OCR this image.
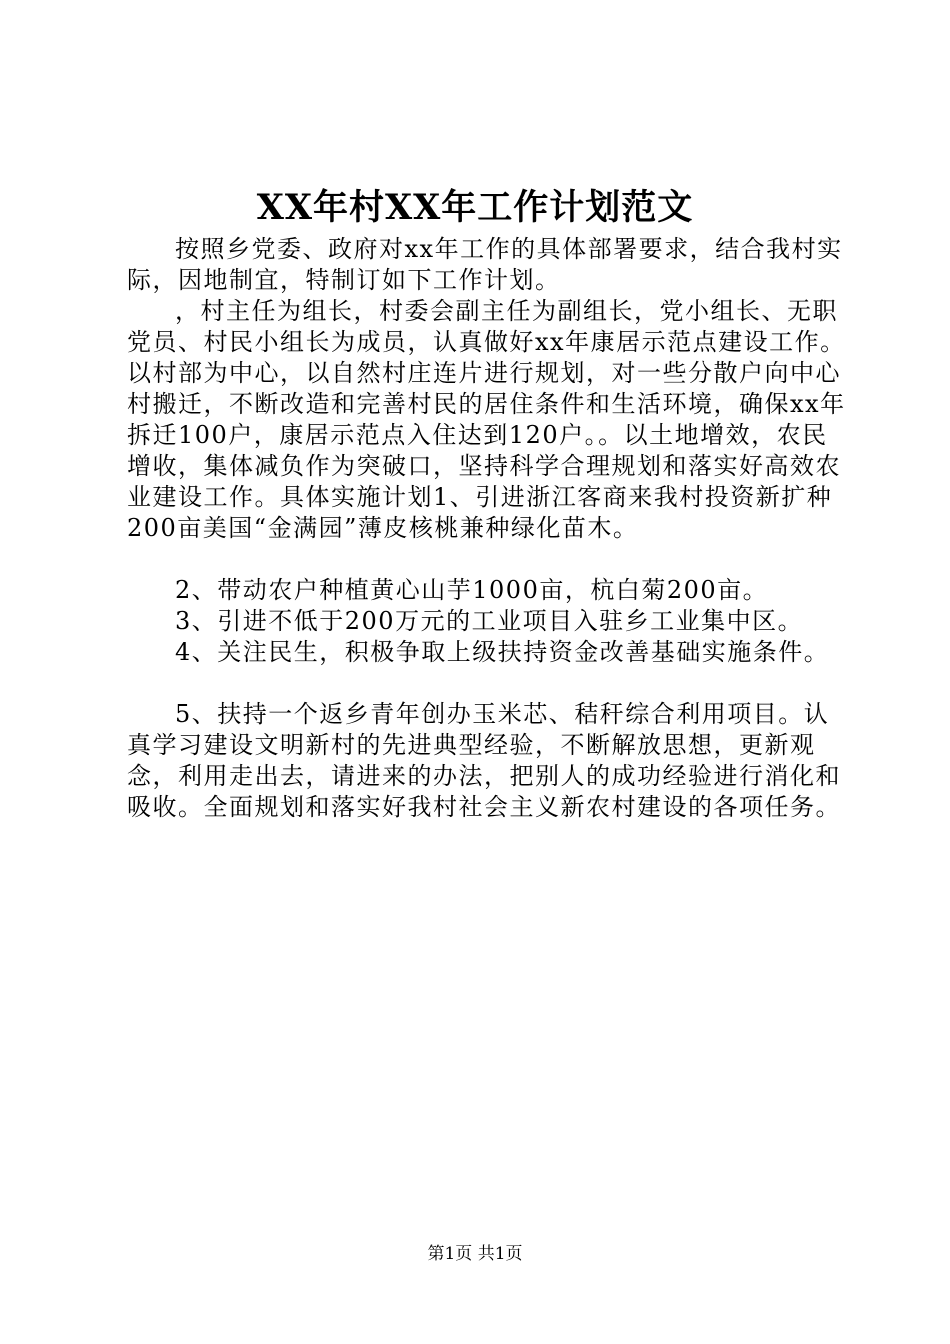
XX年村XX年工作计划范文

按照乡党委、政府对xx年工作的具体部署要求，结合我村实际，因地制宜，特制订如下工作计划。

，村主任为组长，村委会副主任为副组长，党小组长、无职党员、村民小组长为成员，认真做好xx年康居示范点建设工作。以村部为中心，以自然村庄连片进行规划，对一些分散户向中心村搬迁，不断改造和完善村民的居住条件和生活环境，确保xx年拆迁100户，康居示范点入住达到120户。。以土地增效，农民增收，集体减负作为突破口，坚持科学合理规划和落实好高效农业建设工作。具体实施计划1、引进浙江客商来我村投资新扩种200亩美国“金满园”薄皮核桃兼种绿化苗木。

2、带动农户种植黄心山芋1000亩，杭白菊200亩。

3、引进不低于200万元的工业项目入驻乡工业集中区。

4、关注民生，积极争取上级扶持资金改善基础实施条件。

5、扶持一个返乡青年创办玉米芯、秸秆综合利用项目。认真学习建设文明新村的先进典型经验，不断解放思想，更新观念，利用走出去，请进来的办法，把别人的成功经验进行消化和吸收。全面规划和落实好我村社会主义新农村建设的各项任务。

第1页 共1页
